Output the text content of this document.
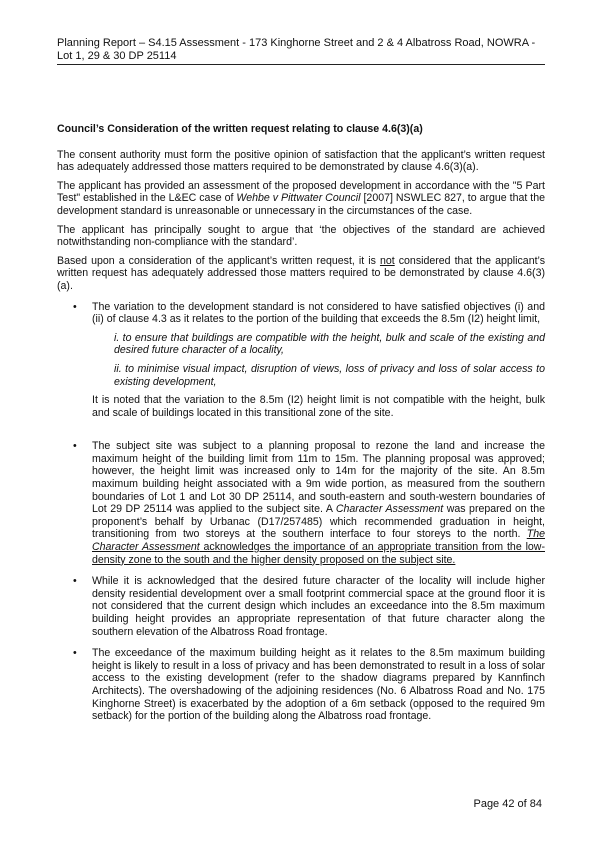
Planning Report – S4.15 Assessment - 173 Kinghorne Street and 2 & 4 Albatross Road, NOWRA -
Lot 1, 29 & 30 DP 25114
Council’s Consideration of the written request relating to clause 4.6(3)(a)

The consent authority must form the positive opinion of satisfaction that the applicant’s written request has adequately addressed those matters required to be demonstrated by clause 4.6(3)(a).

The applicant has provided an assessment of the proposed development in accordance with the "5 Part Test" established in the L&EC case of Wehbe v Pittwater Council [2007] NSWLEC 827, to argue that the development standard is unreasonable or unnecessary in the circumstances of the case.

The applicant has principally sought to argue that ‘the objectives of the standard are achieved notwithstanding non-compliance with the standard’.

Based upon a consideration of the applicant’s written request, it is not considered that the applicant’s written request has adequately addressed those matters required to be demonstrated by clause 4.6(3)(a).

• The variation to the development standard is not considered to have satisfied objectives (i) and (ii) of clause 4.3 as it relates to the portion of the building that exceeds the 8.5m (I2) height limit,
i. to ensure that buildings are compatible with the height, bulk and scale of the existing and desired future character of a locality,
ii. to minimise visual impact, disruption of views, loss of privacy and loss of solar access to existing development,
It is noted that the variation to the 8.5m (I2) height limit is not compatible with the height, bulk and scale of buildings located in this transitional zone of the site.
• The subject site was subject to a planning proposal to rezone the land and increase the maximum height of the building limit from 11m to 15m. The planning proposal was approved; however, the height limit was increased only to 14m for the majority of the site. An 8.5m maximum building height associated with a 9m wide portion, as measured from the southern boundaries of Lot 1 and Lot 30 DP 25114, and south-eastern and south-western boundaries of Lot 29 DP 25114 was applied to the subject site. A Character Assessment was prepared on the proponent’s behalf by Urbanac (D17/257485) which recommended graduation in height, transitioning from two storeys at the southern interface to four storeys to the north. The Character Assessment acknowledges the importance of an appropriate transition from the low-density zone to the south and the higher density proposed on the subject site.
• While it is acknowledged that the desired future character of the locality will include higher density residential development over a small footprint commercial space at the ground floor it is not considered that the current design which includes an exceedance into the 8.5m maximum building height provides an appropriate representation of that future character along the southern elevation of the Albatross Road frontage.
• The exceedance of the maximum building height as it relates to the 8.5m maximum building height is likely to result in a loss of privacy and has been demonstrated to result in a loss of solar access to the existing development (refer to the shadow diagrams prepared by Kannfinch Architects). The overshadowing of the adjoining residences (No. 6 Albatross Road and No. 175 Kinghorne Street) is exacerbated by the adoption of a 6m setback (opposed to the required 9m setback) for the portion of the building along the Albatross road frontage.
Page 42 of 84
